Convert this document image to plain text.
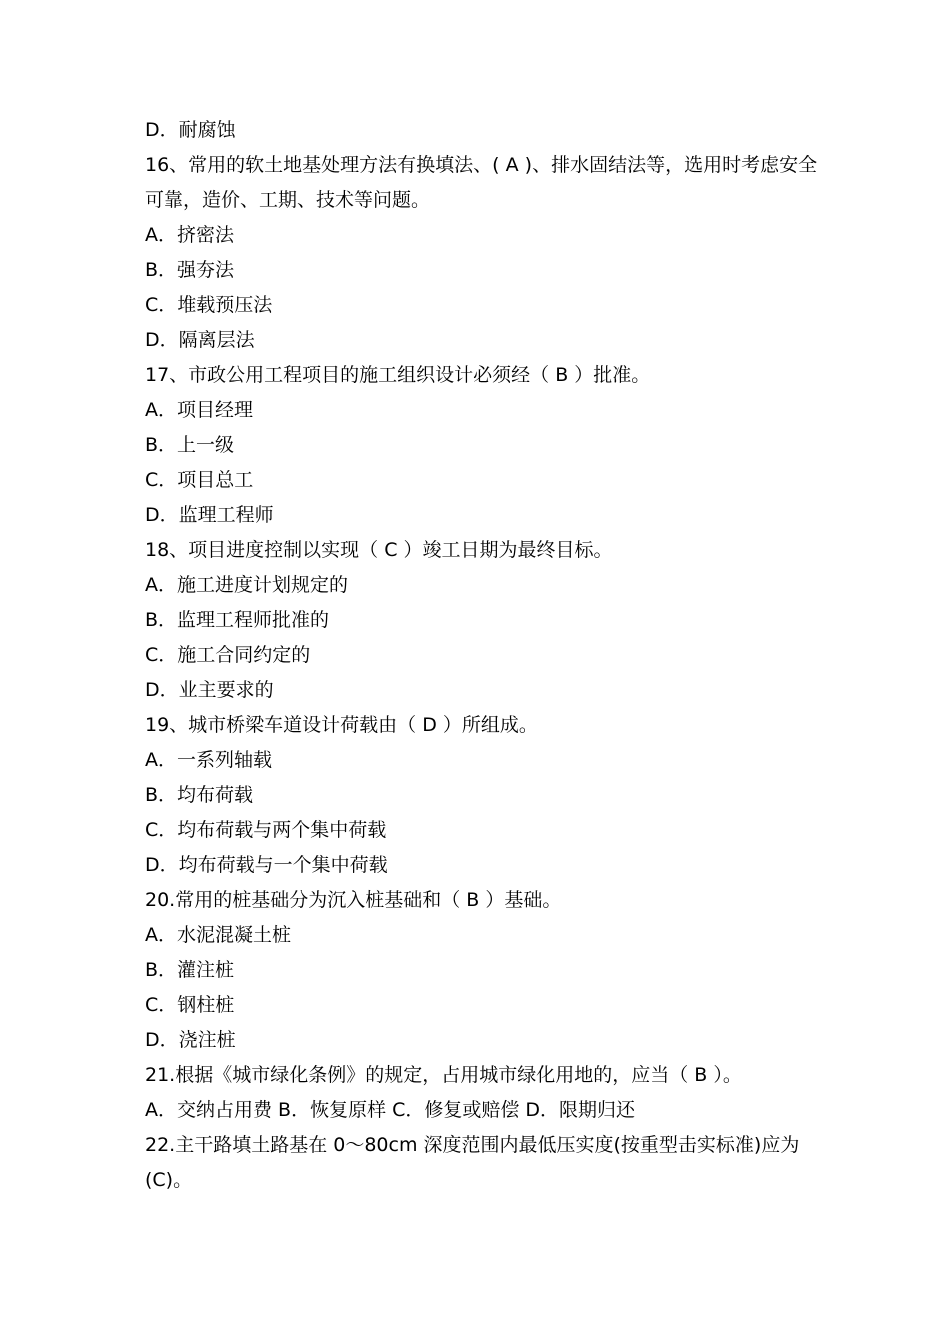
D．耐腐蚀
16、常用的软土地基处理方法有换填法、( A )、排水固结法等，选用时考虑安全
可靠，造价、工期、技术等问题。
A．挤密法
B．强夯法
C．堆载预压法
D．隔离层法
17、市政公用工程项目的施工组织设计必须经（ B ）批准。
A．项目经理
B．上一级
C．项目总工
D．监理工程师
18、项目进度控制以实现（ C ）竣工日期为最终目标。
A．施工进度计划规定的
B．监理工程师批准的
C．施工合同约定的
D．业主要求的
19、城市桥梁车道设计荷载由（ D ）所组成。
A．一系列轴载
B．均布荷载
C．均布荷载与两个集中荷载
D．均布荷载与一个集中荷载
20.常用的桩基础分为沉入桩基础和（ B ）基础。
A．水泥混凝土桩
B．灌注桩
C．钢柱桩
D．浇注桩
21.根据《城市绿化条例》的规定，占用城市绿化用地的，应当（ B ）。
A．交纳占用费 B．恢复原样 C．修复或赔偿 D．限期归还
22.主干路填土路基在 0～80cm 深度范围内最低压实度(按重型击实标准)应为
(C)。
